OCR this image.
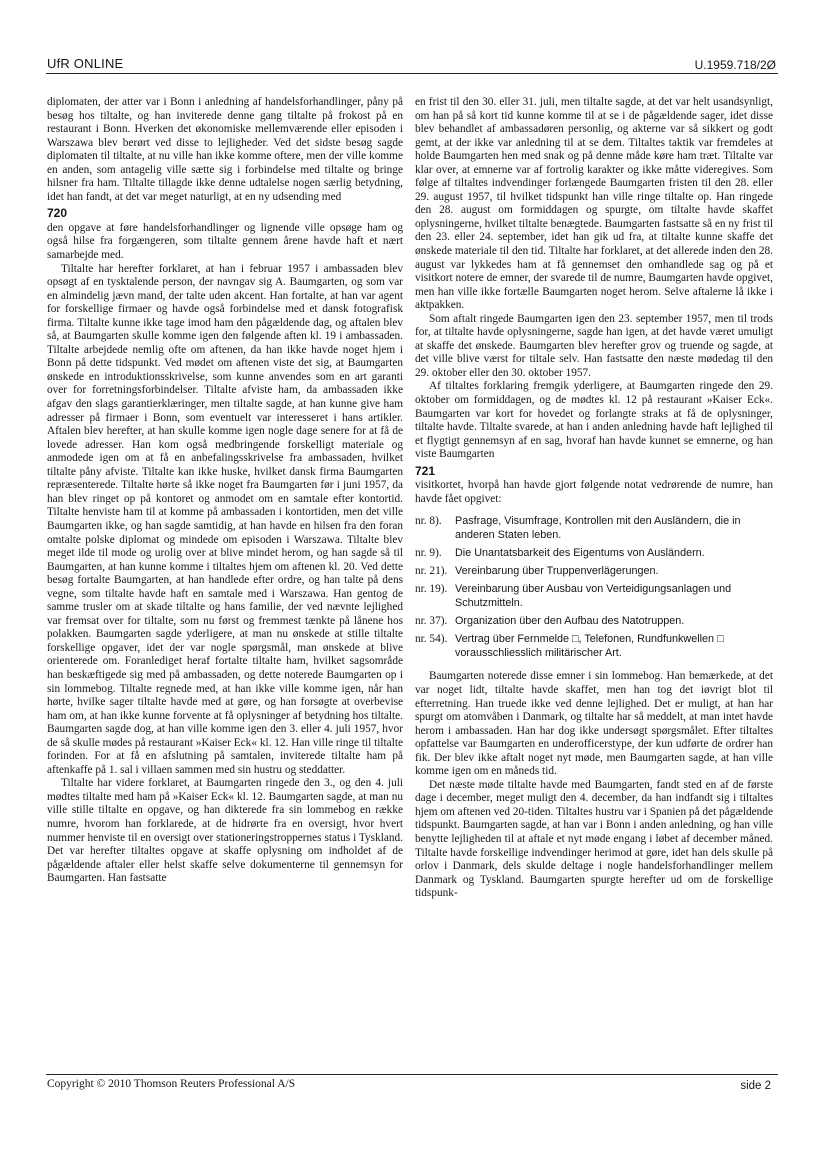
UfR ONLINE	U.1959.718/2Ø

diplomaten, der atter var i Bonn i anledning af handelsforhandlinger, påny på besøg hos tiltalte, og han inviterede denne gang tiltalte på frokost på en restaurant i Bonn. Hverken det økonomiske mellemværende eller episoden i Warszawa blev berørt ved disse to lejligheder. Ved det sidste besøg sagde diplomaten til tiltalte, at nu ville han ikke komme oftere, men der ville komme en anden, som antagelig ville sætte sig i forbindelse med tiltalte og bringe hilsner fra ham. Tiltalte tillagde ikke denne udtalelse nogen særlig betydning, idet han fandt, at det var meget naturligt, at en ny udsending med

720

den opgave at føre handelsforhandlinger og lignende ville opsøge ham og også hilse fra forgængeren, som tiltalte gennem årene havde haft et nært samarbejde med.

Tiltalte har herefter forklaret, at han i februar 1957 i ambassaden blev opsøgt af en tysktalende person, der navngav sig A. Baumgarten, og som var en almindelig jævn mand, der talte uden akcent. Han fortalte, at han var agent for forskellige firmaer og havde også forbindelse med et dansk fotografisk firma. Tiltalte kunne ikke tage imod ham den pågældende dag, og aftalen blev så, at Baumgarten skulle komme igen den følgende aften kl. 19 i ambassaden. Tiltalte arbejdede nemlig ofte om aftenen, da han ikke havde noget hjem i Bonn på dette tidspunkt. Ved mødet om aftenen viste det sig, at Baumgarten ønskede en introduktionsskrivelse, som kunne anvendes som en art garanti over for forretningsforbindelser. Tiltalte afviste ham, da ambassaden ikke afgav den slags garantierklæringer, men tiltalte sagde, at han kunne give ham adresser på firmaer i Bonn, som eventuelt var interesseret i hans artikler. Aftalen blev herefter, at han skulle komme igen nogle dage senere for at få de lovede adresser. Han kom også medbringende forskelligt materiale og anmodede igen om at få en anbefalingsskrivelse fra ambassaden, hvilket tiltalte påny afviste. Tiltalte kan ikke huske, hvilket dansk firma Baumgarten repræsenterede. Tiltalte hørte så ikke noget fra Baumgarten før i juni 1957, da han blev ringet op på kontoret og anmodet om en samtale efter kontortid. Tiltalte henviste ham til at komme på ambassaden i kontortiden, men det ville Baumgarten ikke, og han sagde samtidig, at han havde en hilsen fra den foran omtalte polske diplomat og mindede om episoden i Warszawa. Tiltalte blev meget ilde til mode og urolig over at blive mindet herom, og han sagde så til Baumgarten, at han kunne komme i tiltaltes hjem om aftenen kl. 20. Ved dette besøg fortalte Baumgarten, at han handlede efter ordre, og han talte på dens vegne, som tiltalte havde haft en samtale med i Warszawa. Han gentog de samme trusler om at skade tiltalte og hans familie, der ved nævnte lejlighed var fremsat over for tiltalte, som nu først og fremmest tænkte på lånene hos polakken. Baumgarten sagde yderligere, at man nu ønskede at stille tiltalte forskellige opgaver, idet der var nogle spørgsmål, man ønskede at blive orienterede om. Foranlediget heraf fortalte tiltalte ham, hvilket sagsområde han beskæftigede sig med på ambassaden, og dette noterede Baumgarten op i sin lommebog. Tiltalte regnede med, at han ikke ville komme igen, når han hørte, hvilke sager tiltalte havde med at gøre, og han forsøgte at overbevise ham om, at han ikke kunne forvente at få oplysninger af betydning hos tiltalte. Baumgarten sagde dog, at han ville komme igen den 3. eller 4. juli 1957, hvor de så skulle mødes på restaurant »Kaiser Eck« kl. 12. Han ville ringe til tiltalte forinden. For at få en afslutning på samtalen, inviterede tiltalte ham på aftenkaffe på 1. sal i villaen sammen med sin hustru og steddatter.

Tiltalte har videre forklaret, at Baumgarten ringede den 3., og den 4. juli mødtes tiltalte med ham på »Kaiser Eck« kl. 12. Baumgarten sagde, at man nu ville stille tiltalte en opgave, og han dikterede fra sin lommebog en række numre, hvorom han forklarede, at de hidrørte fra en oversigt, hvor hvert nummer henviste til en oversigt over stationeringstroppernes status i Tyskland. Det var herefter tiltaltes opgave at skaffe oplysning om indholdet af de pågældende aftaler eller helst skaffe selve dokumenterne til gennemsyn for Baumgarten. Han fastsatte

en frist til den 30. eller 31. juli, men tiltalte sagde, at det var helt usandsynligt, om han på så kort tid kunne komme til at se i de pågældende sager, idet disse blev behandlet af ambassadøren personlig, og akterne var så sikkert og godt gemt, at der ikke var anledning til at se dem. Tiltaltes taktik var fremdeles at holde Baumgarten hen med snak og på denne måde køre ham træt. Tiltalte var klar over, at emnerne var af fortrolig karakter og ikke måtte videregives. Som følge af tiltaltes indvendinger forlængede Baumgarten fristen til den 28. eller 29. august 1957, til hvilket tidspunkt han ville ringe tiltalte op. Han ringede den 28. august om formiddagen og spurgte, om tiltalte havde skaffet oplysningerne, hvilket tiltalte benægtede. Baumgarten fastsatte så en ny frist til den 23. eller 24. september, idet han gik ud fra, at tiltalte kunne skaffe det ønskede materiale til den tid. Tiltalte har forklaret, at det allerede inden den 28. august var lykkedes ham at få gennemset den omhandlede sag og på et visitkort notere de emner, der svarede til de numre, Baumgarten havde opgivet, men han ville ikke fortælle Baumgarten noget herom. Selve aftalerne lå ikke i aktpakken.

Som aftalt ringede Baumgarten igen den 23. september 1957, men til trods for, at tiltalte havde oplysningerne, sagde han igen, at det havde været umuligt at skaffe det ønskede. Baumgarten blev herefter grov og truende og sagde, at det ville blive værst for tiltale selv. Han fastsatte den næste mødedag til den 29. oktober eller den 30. oktober 1957.

Af tiltaltes forklaring fremgik yderligere, at Baumgarten ringede den 29. oktober om formiddagen, og de mødtes kl. 12 på restaurant »Kaiser Eck«. Baumgarten var kort for hovedet og forlangte straks at få de oplysninger, tiltalte havde. Tiltalte svarede, at han i anden anledning havde haft lejlighed til et flygtigt gennemsyn af en sag, hvoraf han havde kunnet se emnerne, og han viste Baumgarten

721

visitkortet, hvorpå han havde gjort følgende notat vedrørende de numre, han havde fået opgivet:

nr. 8).	Pasfrage, Visumfrage, Kontrollen mit den Ausländern, die in anderen Staten leben.
nr. 9).	Die Unantatsbarkeit des Eigentums von Ausländern.
nr. 21). Vereinbarung über Truppenverlägerungen.
nr. 19). Vereinbarung über Ausbau von Verteidigungsanlagen und Schutzmitteln.
nr. 37). Organization über den Aufbau des Natotruppen.
nr. 54). Vertrag über Fernmelde □, Telefonen, Rundfunkwellen □ vorausschliesslich militärischer Art.

Baumgarten noterede disse emner i sin lommebog. Han bemærkede, at det var noget lidt, tiltalte havde skaffet, men han tog det iøvrigt blot til efterretning. Han truede ikke ved denne lejlighed. Det er muligt, at han har spurgt om atomvåben i Danmark, og tiltalte har så meddelt, at man intet havde herom i ambassaden. Han har dog ikke undersøgt spørgsmålet. Efter tiltaltes opfattelse var Baumgarten en underofficerstype, der kun udførte de ordrer han fik. Der blev ikke aftalt noget nyt møde, men Baumgarten sagde, at han ville komme igen om en måneds tid.

Det næste møde tiltalte havde med Baumgarten, fandt sted en af de første dage i december, meget muligt den 4. december, da han indfandt sig i tiltaltes hjem om aftenen ved 20-tiden. Tiltaltes hustru var i Spanien på det pågældende tidspunkt. Baumgarten sagde, at han var i Bonn i anden anledning, og han ville benytte lejligheden til at aftale et nyt møde engang i løbet af december måned. Tiltalte havde forskellige indvendinger herimod at gøre, idet han dels skulle på orlov i Danmark, dels skulde deltage i nogle handelsforhandlinger mellem Danmark og Tyskland. Baumgarten spurgte herefter ud om de forskellige tidspunk-

Copyright © 2010 Thomson Reuters Professional A/S	side 2
